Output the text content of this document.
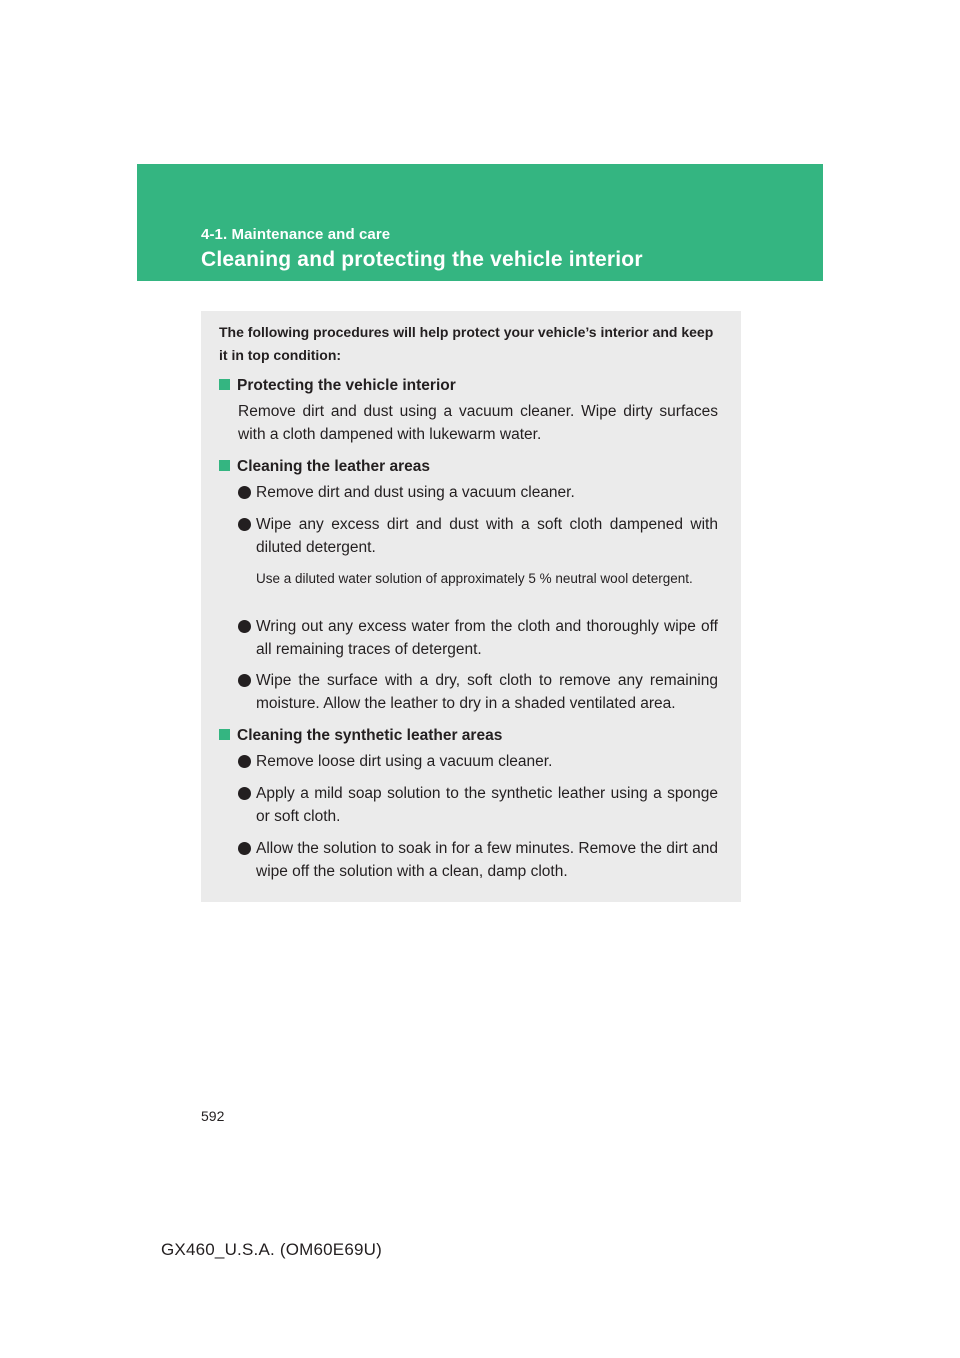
4-1. Maintenance and care
Cleaning and protecting the vehicle interior
The following procedures will help protect your vehicle’s interior and keep it in top condition:
Protecting the vehicle interior
Remove dirt and dust using a vacuum cleaner. Wipe dirty surfaces with a cloth dampened with lukewarm water.
Cleaning the leather areas
Remove dirt and dust using a vacuum cleaner.
Wipe any excess dirt and dust with a soft cloth dampened with diluted detergent.
Use a diluted water solution of approximately 5 % neutral wool detergent.
Wring out any excess water from the cloth and thoroughly wipe off all remaining traces of detergent.
Wipe the surface with a dry, soft cloth to remove any remaining moisture. Allow the leather to dry in a shaded ventilated area.
Cleaning the synthetic leather areas
Remove loose dirt using a vacuum cleaner.
Apply a mild soap solution to the synthetic leather using a sponge or soft cloth.
Allow the solution to soak in for a few minutes. Remove the dirt and wipe off the solution with a clean, damp cloth.
592
GX460_U.S.A. (OM60E69U)
